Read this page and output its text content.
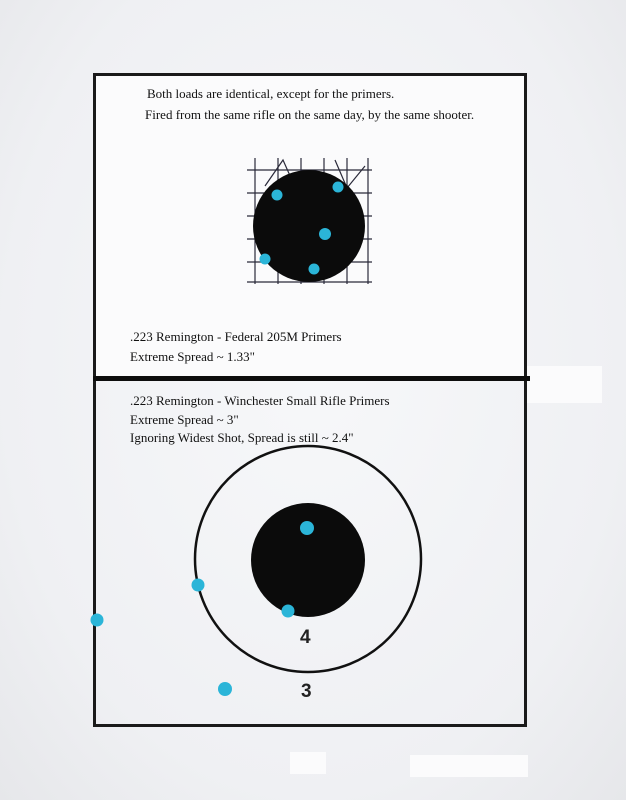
Both loads are identical, except for the primers.
Fired from the same rifle on the same day, by the same shooter.
.223 Remington - Federal 205M Primers
Extreme Spread ~ 1.33"
.223 Remington - Winchester Small Rifle Primers
Extreme Spread ~ 3"
Ignoring Widest Shot, Spread is still ~ 2.4"
4
3
